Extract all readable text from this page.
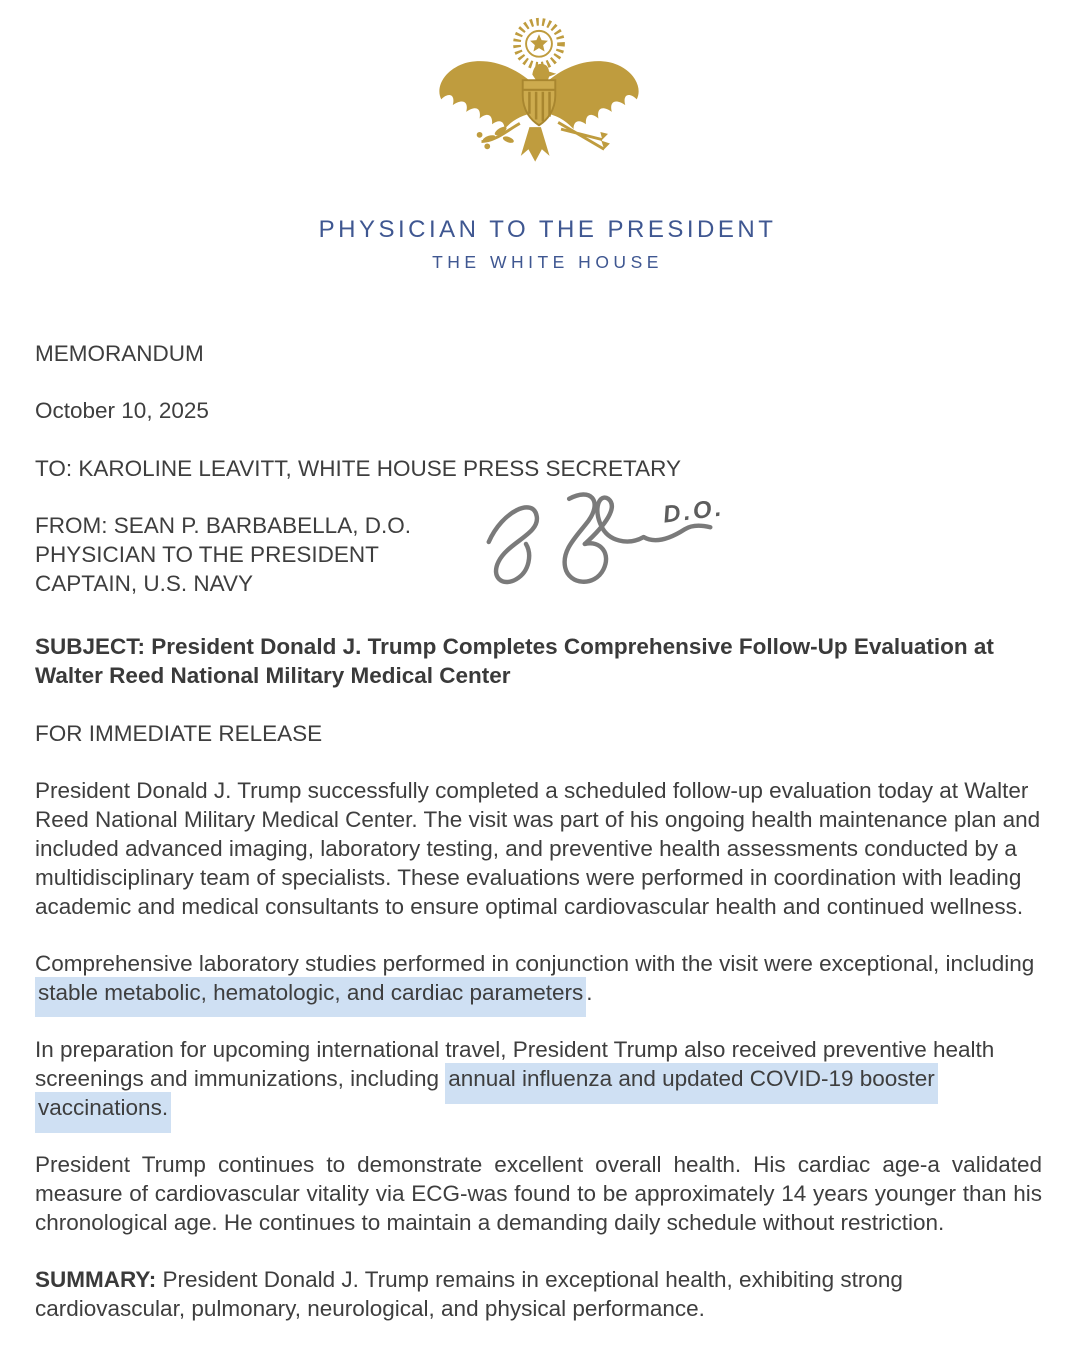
PHYSICIAN TO THE PRESIDENT
THE WHITE HOUSE

MEMORANDUM

October 10, 2025

TO: KAROLINE LEAVITT, WHITE HOUSE PRESS SECRETARY

FROM: SEAN P. BARBABELLA, D.O.
PHYSICIAN TO THE PRESIDENT
CAPTAIN, U.S. NAVY
D.O.

SUBJECT: President Donald J. Trump Completes Comprehensive Follow-Up Evaluation at Walter Reed National Military Medical Center

FOR IMMEDIATE RELEASE

President Donald J. Trump successfully completed a scheduled follow-up evaluation today at Walter Reed National Military Medical Center. The visit was part of his ongoing health maintenance plan and included advanced imaging, laboratory testing, and preventive health assessments conducted by a multidisciplinary team of specialists. These evaluations were performed in coordination with leading academic and medical consultants to ensure optimal cardiovascular health and continued wellness.

Comprehensive laboratory studies performed in conjunction with the visit were exceptional, including stable metabolic, hematologic, and cardiac parameters .

In preparation for upcoming international travel, President Trump also received preventive health screenings and immunizations, including annual influenza and updated COVID-19 booster vaccinations.

President Trump continues to demonstrate excellent overall health. His cardiac age-a validated measure of cardiovascular vitality via ECG-was found to be approximately 14 years younger than his chronological age. He continues to maintain a demanding daily schedule without restriction.

SUMMARY: President Donald J. Trump remains in exceptional health, exhibiting strong cardiovascular, pulmonary, neurological, and physical performance.
